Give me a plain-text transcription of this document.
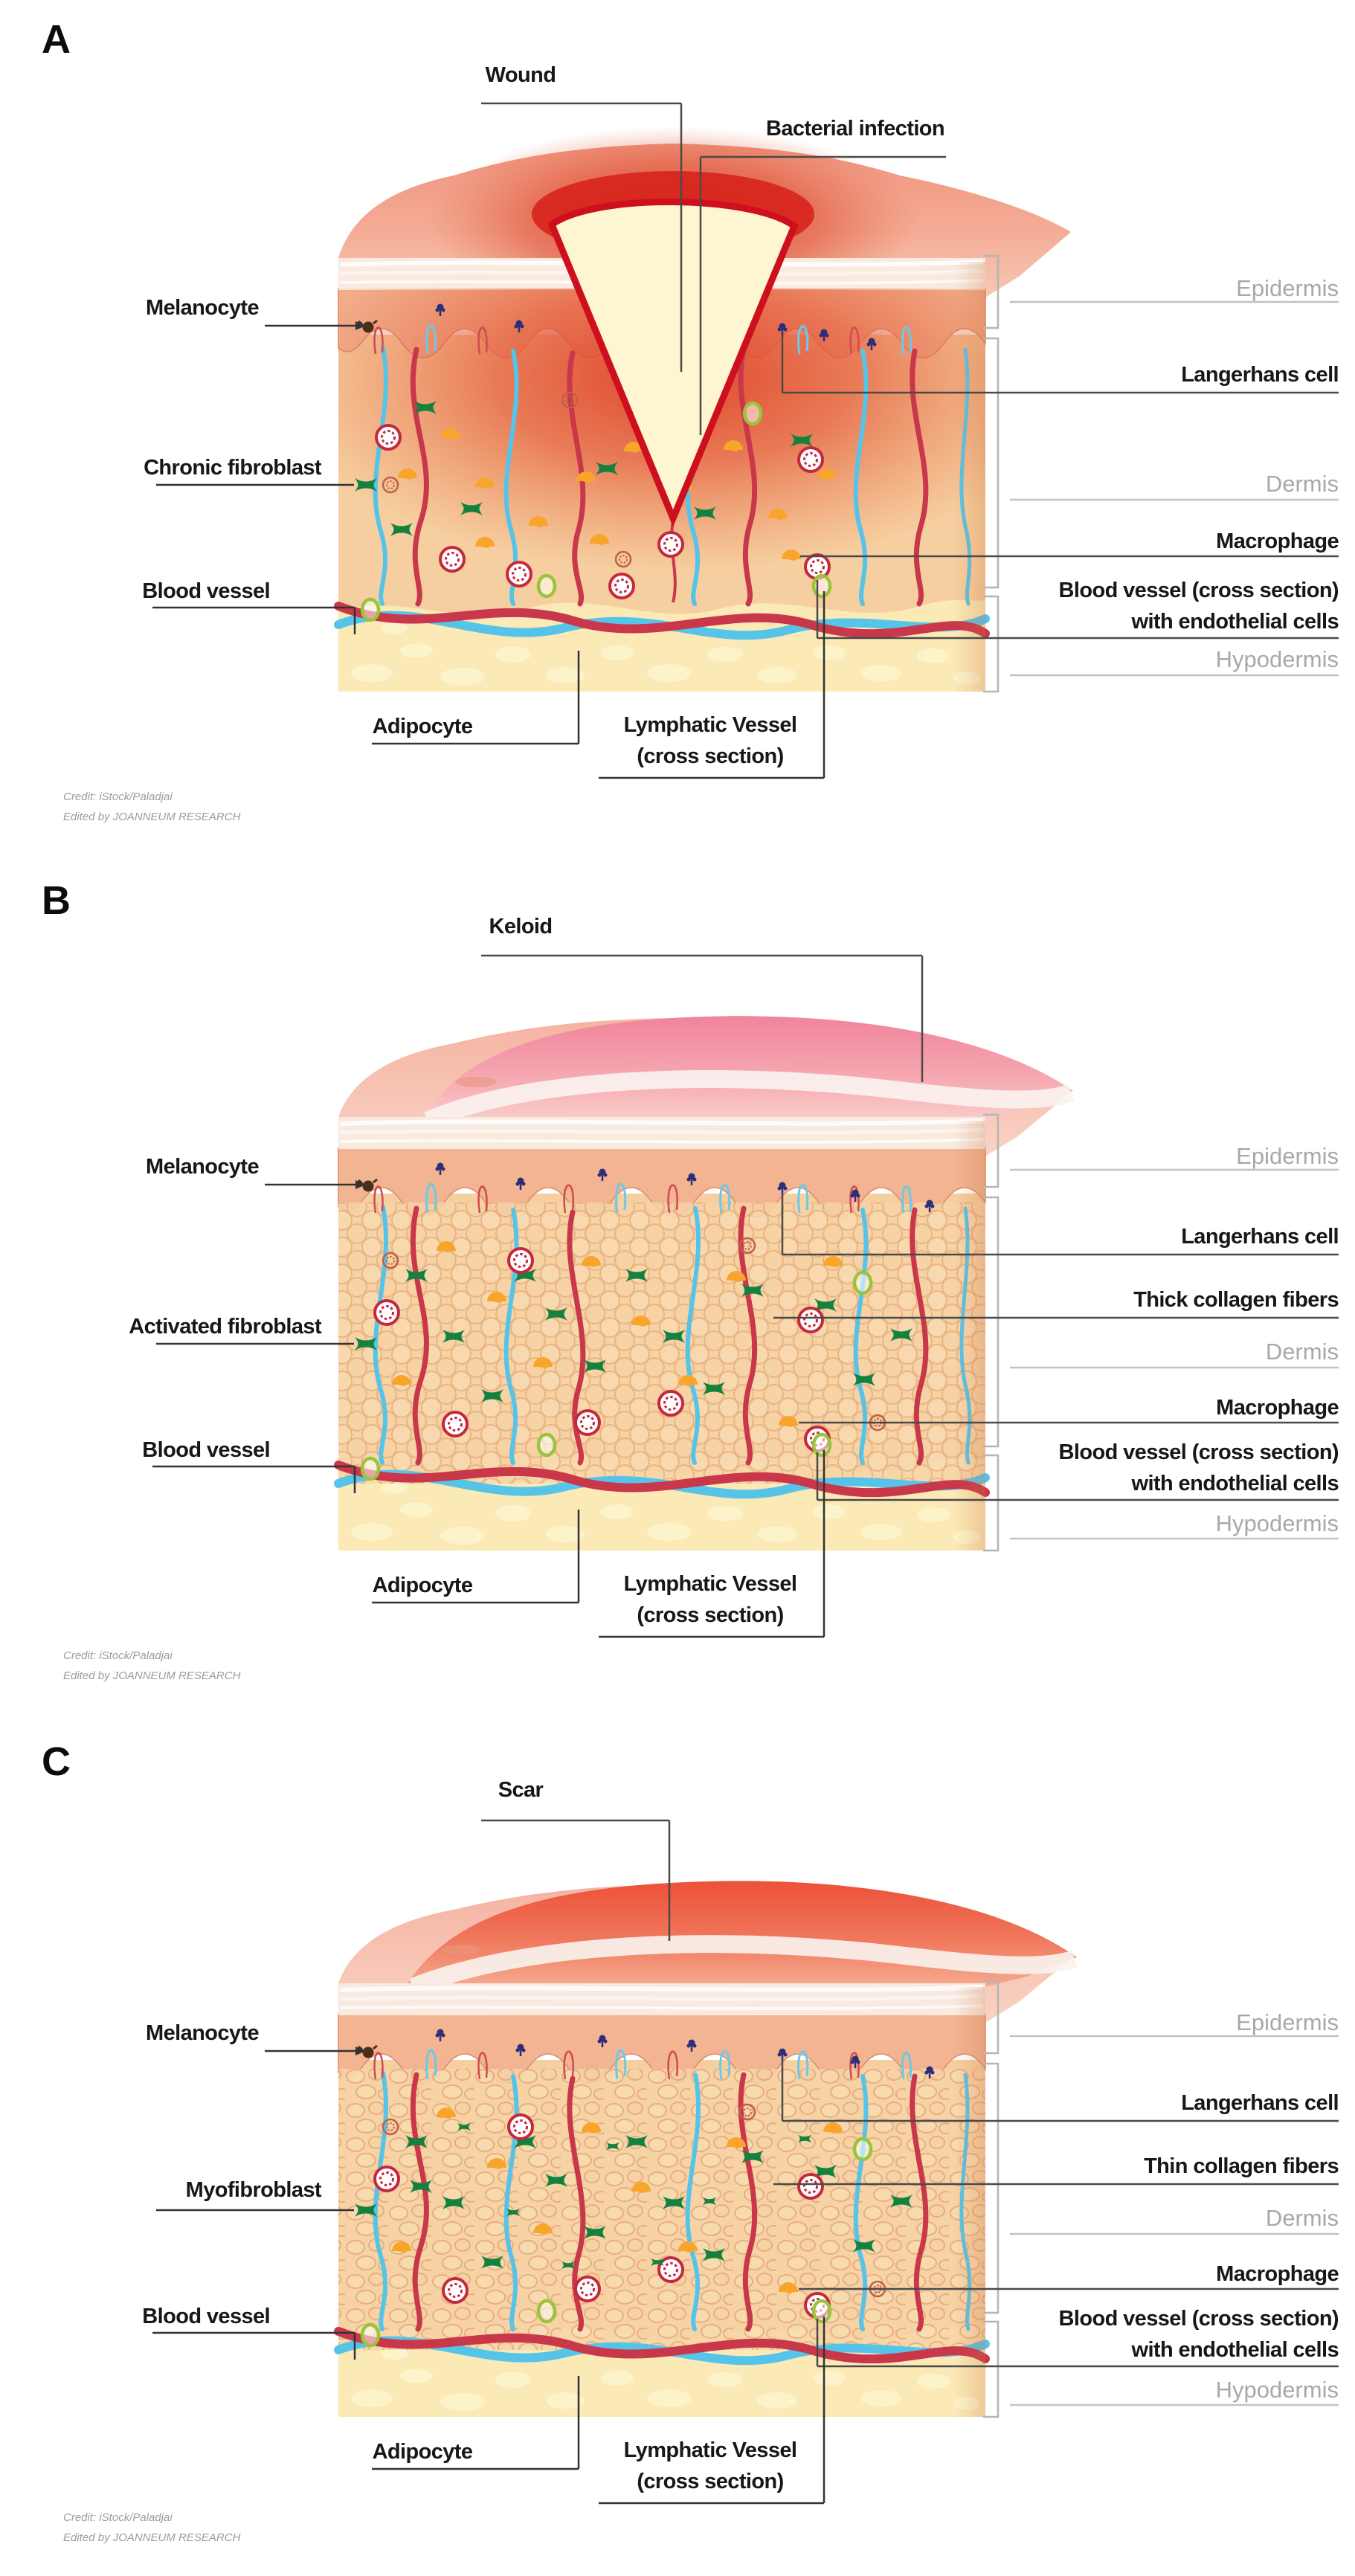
A
Wound
Bacterial infection
Melanocyte
Chronic fibroblast
Blood vessel
Adipocyte	Lymphatic Vessel
(cross section)
Epidermis
Langerhans cell
Dermis
Macrophage
Blood vessel (cross section)
with endothelial cells
Hypodermis
Credit: iStock/Paladjai
Edited by JOANNEUM RESEARCH
B
Keloid
Melanocyte
Activated fibroblast
Blood vessel
Adipocyte	Lymphatic Vessel
(cross section)
Epidermis
Langerhans cell
Thick collagen fibers
Dermis
Macrophage
Blood vessel (cross section)
with endothelial cells
Hypodermis
Credit: iStock/Paladjai
Edited by JOANNEUM RESEARCH
C
Scar
Melanocyte
Myofibroblast
Blood vessel
Adipocyte	Lymphatic Vessel
(cross section)
Epidermis
Langerhans cell
Thin collagen fibers
Dermis
Macrophage
Blood vessel (cross section)
with endothelial cells
Hypodermis
Credit: iStock/Paladjai
Edited by JOANNEUM RESEARCH
